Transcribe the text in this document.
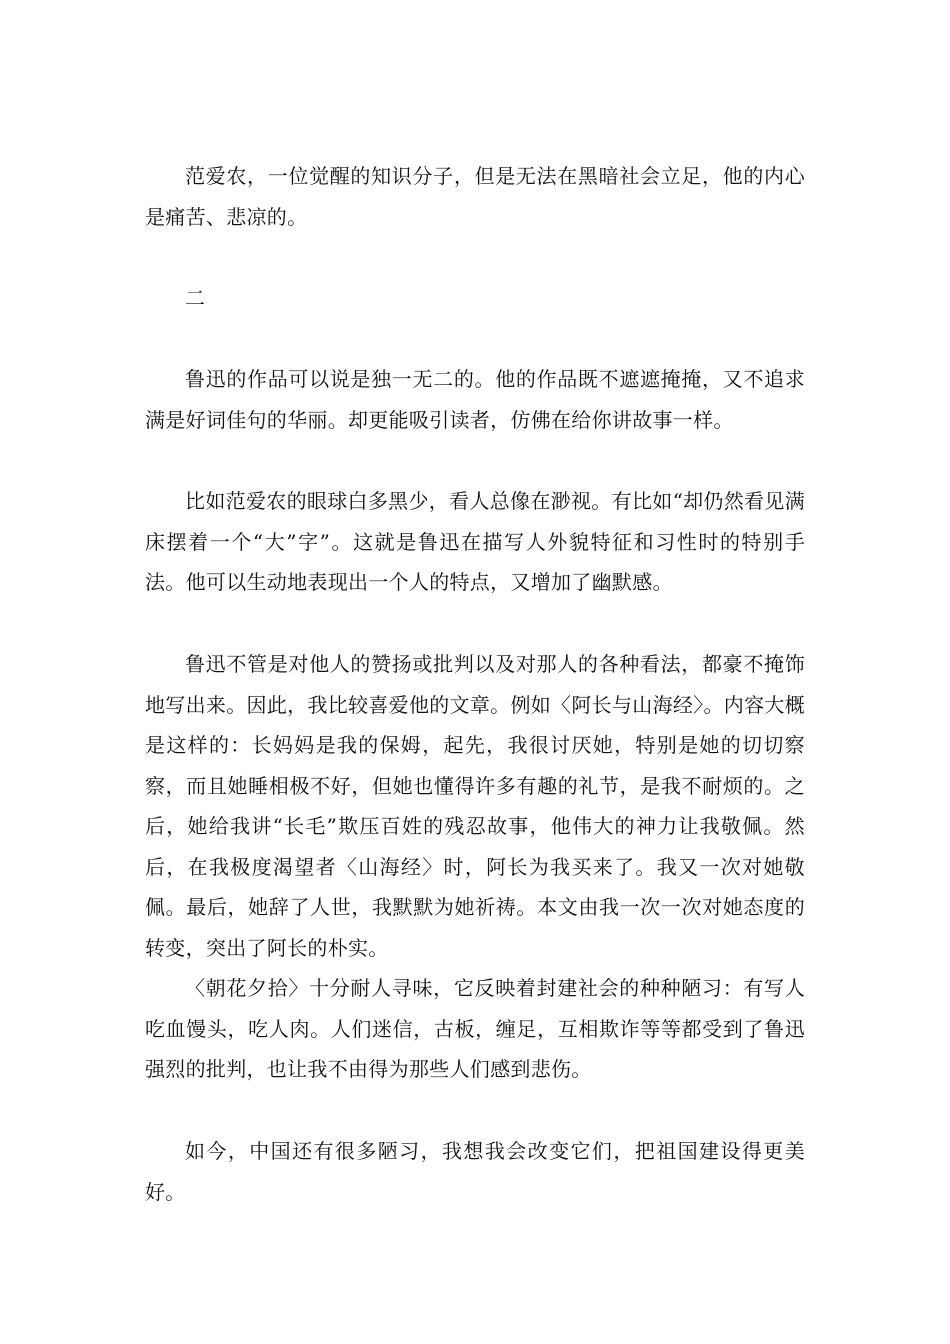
范爱农，一位觉醒的知识分子，但是无法在黑暗社会立足，他的内心是痛苦、悲凉的。

二

鲁迅的作品可以说是独一无二的。他的作品既不遮遮掩掩，又不追求满是好词佳句的华丽。却更能吸引读者，仿佛在给你讲故事一样。

比如范爱农的眼球白多黑少，看人总像在渺视。有比如“却仍然看见满床摆着一个“大”字”。这就是鲁迅在描写人外貌特征和习性时的特别手法。他可以生动地表现出一个人的特点，又增加了幽默感。

鲁迅不管是对他人的赞扬或批判以及对那人的各种看法，都豪不掩饰地写出来。因此，我比较喜爱他的文章。例如〈阿长与山海经〉。内容大概是这样的：长妈妈是我的保姆，起先，我很讨厌她，特别是她的切切察察，而且她睡相极不好，但她也懂得许多有趣的礼节，是我不耐烦的。之后，她给我讲“长毛”欺压百姓的残忍故事，他伟大的神力让我敬佩。然后，在我极度渴望者〈山海经〉时，阿长为我买来了。我又一次对她敬佩。最后，她辞了人世，我默默为她祈祷。本文由我一次一次对她态度的转变，突出了阿长的朴实。

〈朝花夕拾〉十分耐人寻味，它反映着封建社会的种种陋习：有写人吃血馒头，吃人肉。人们迷信，古板，缠足，互相欺诈等等都受到了鲁迅强烈的批判，也让我不由得为那些人们感到悲伤。

如今，中国还有很多陋习，我想我会改变它们，把祖国建设得更美好。
